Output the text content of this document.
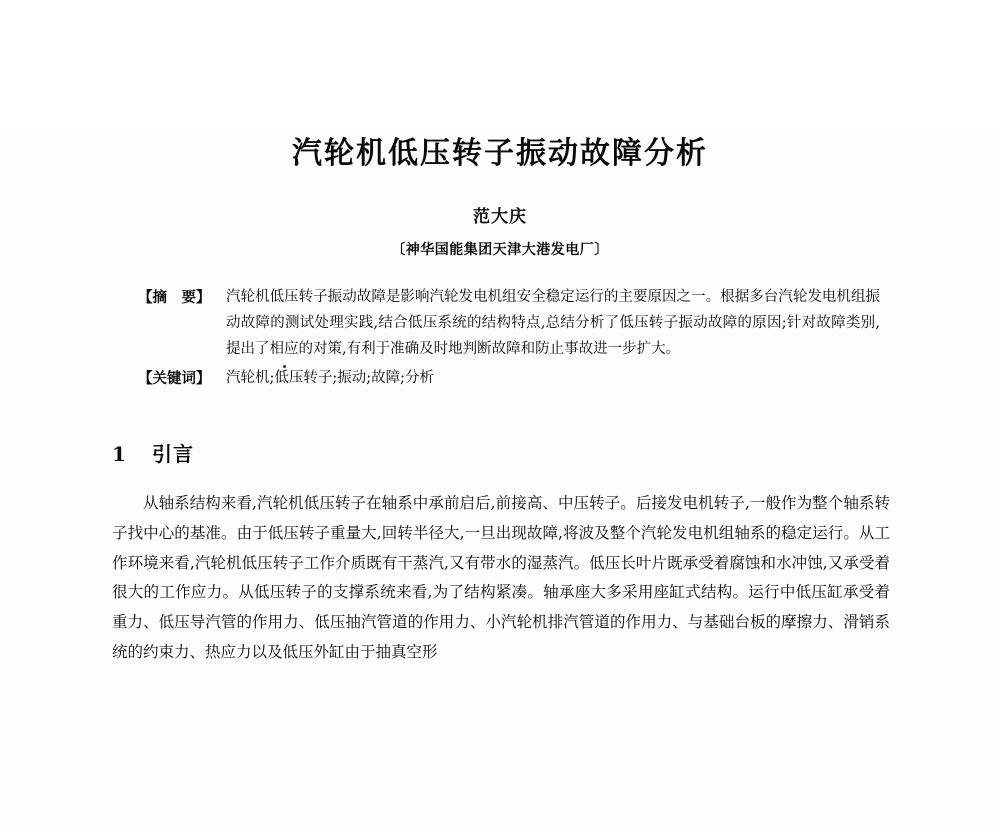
汽轮机低压转子振动故障分析
范大庆
〔神华国能集团天津大港发电厂〕
【摘　要】	汽轮机低压转子振动故障是影响汽轮发电机组安全稳定运行的主要原因之一。根据多台汽轮发电机组振动故障的测试处理实践,结合低压系统的结构特点,总结分析了低压转子振动故障的原因;针对故障类别,提出了相应的对策,有利于准确及时地判断故障和防止事故进一步扩大。
【关键词】	汽轮机;低压转子;振动;故障;分析
1 引言
从轴系结构来看,汽轮机低压转子在轴系中承前启后,前接高、中压转子。后接发电机转子,一般作为整个轴系转子找中心的基准。由于低压转子重量大,回转半径大,一旦出现故障,将波及整个汽轮发电机组轴系的稳定运行。从工作环境来看,汽轮机低压转子工作介质既有干蒸汽,又有带水的湿蒸汽。低压长叶片既承受着腐蚀和水冲蚀,又承受着很大的工作应力。从低压转子的支撑系统来看,为了结构紧凑。轴承座大多采用座缸式结构。运行中低压缸承受着重力、低压导汽管的作用力、低压抽汽管道的作用力、小汽轮机排汽管道的作用力、与基础台板的摩擦力、滑销系统的约束力、热应力以及低压外缸由于抽真空形
